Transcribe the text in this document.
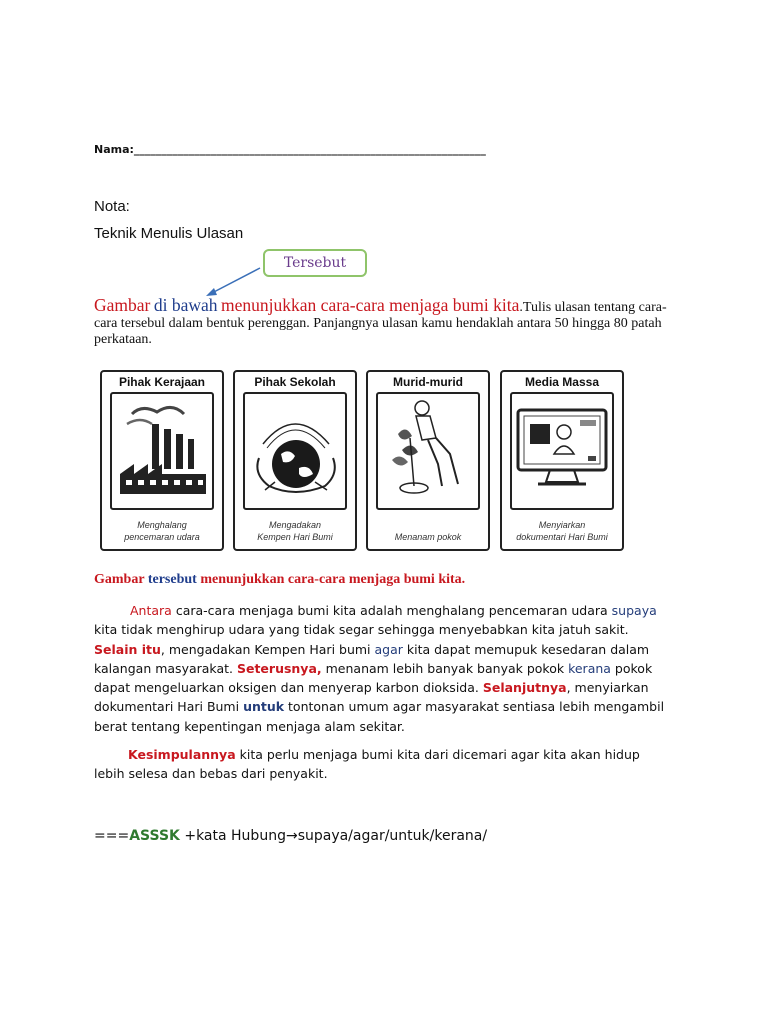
Nama:________________________________________________________________
Nota:
Teknik Menulis Ulasan
Tersebut
Gambar di bawah menunjukkan cara-cara menjaga bumi kita.Tulis ulasan tentang cara-cara tersebul dalam bentuk perenggan. Panjangnya ulasan kamu hendaklah antara 50 hingga 80 patah perkataan.
Pihak Kerajaan
Menghalang
pencemaran udara
Pihak Sekolah
Mengadakan
Kempen Hari Bumi
Murid-murid
Menanam pokok
Media Massa
Menyiarkan
dokumentari Hari Bumi
Gambar tersebut menunjukkan cara-cara menjaga bumi kita.
Antara cara-cara menjaga bumi kita adalah menghalang pencemaran udara supaya kita tidak menghirup udara yang tidak segar sehingga menyebabkan kita jatuh sakit. Selain itu, mengadakan Kempen Hari bumi agar kita dapat memupuk kesedaran dalam kalangan masyarakat. Seterusnya, menanam lebih banyak banyak pokok kerana pokok dapat mengeluarkan oksigen dan menyerap karbon dioksida. Selanjutnya, menyiarkan dokumentari Hari Bumi untuk tontonan umum agar masyarakat sentiasa lebih mengambil berat tentang kepentingan menjaga alam sekitar.
Kesimpulannya kita perlu menjaga bumi kita dari dicemari agar kita akan hidup lebih selesa dan bebas dari penyakit.
===ASSSK +kata Hubung→supaya/agar/untuk/kerana/
